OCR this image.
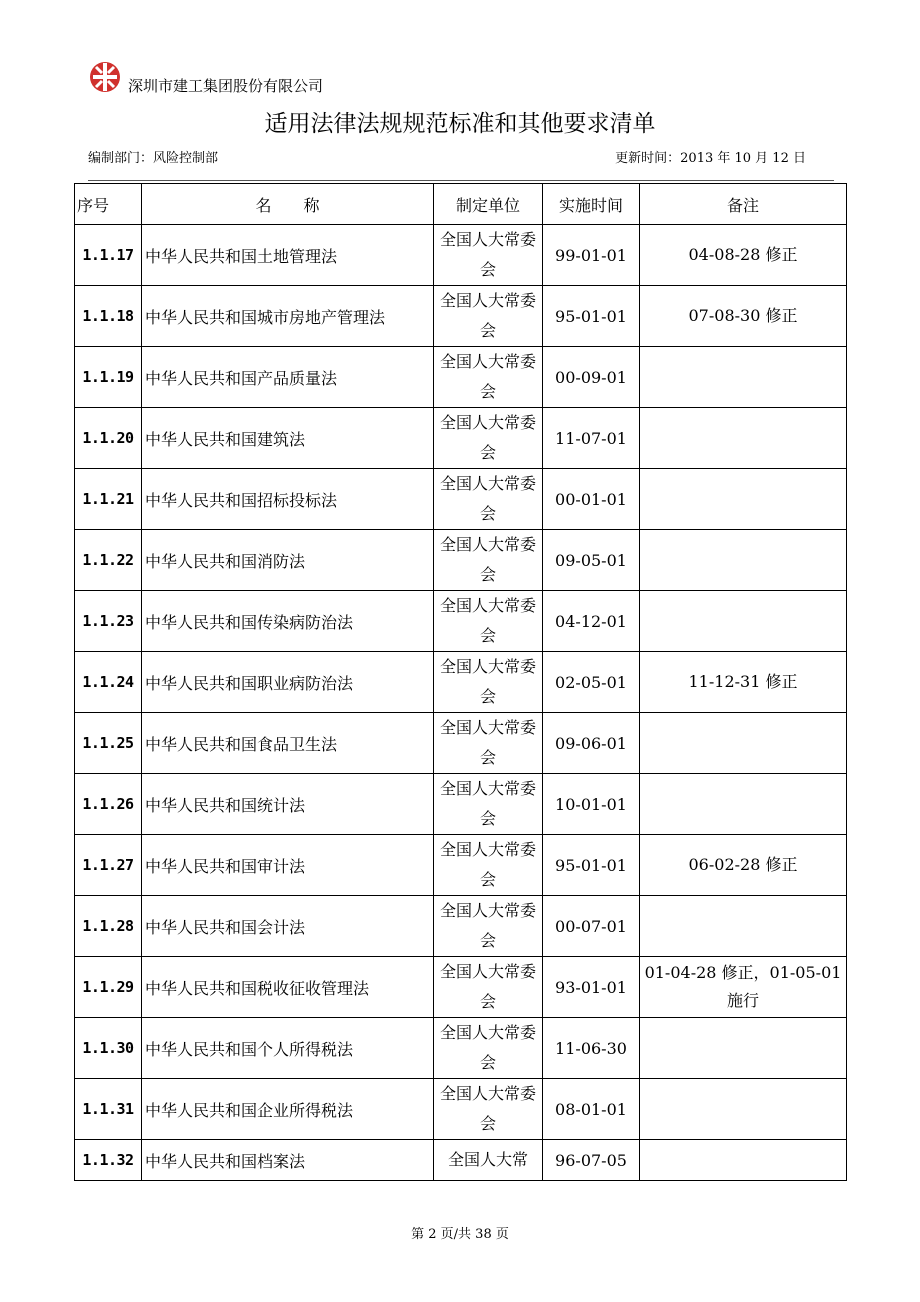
深圳市建工集团股份有限公司
适用法律法规规范标准和其他要求清单
编制部门：风险控制部	更新时间：2013 年 10 月 12 日
序号	名　　称	制定单位	实施时间	备注
1.1.17	中华人民共和国土地管理法	全国人大常委会	99-01-01	04-08-28 修正
1.1.18	中华人民共和国城市房地产管理法	全国人大常委会	95-01-01	07-08-30 修正
1.1.19	中华人民共和国产品质量法	全国人大常委会	00-09-01	
1.1.20	中华人民共和国建筑法	全国人大常委会	11-07-01	
1.1.21	中华人民共和国招标投标法	全国人大常委会	00-01-01	
1.1.22	中华人民共和国消防法	全国人大常委会	09-05-01	
1.1.23	中华人民共和国传染病防治法	全国人大常委会	04-12-01	
1.1.24	中华人民共和国职业病防治法	全国人大常委会	02-05-01	11-12-31 修正
1.1.25	中华人民共和国食品卫生法	全国人大常委会	09-06-01	
1.1.26	中华人民共和国统计法	全国人大常委会	10-01-01	
1.1.27	中华人民共和国审计法	全国人大常委会	95-01-01	06-02-28 修正
1.1.28	中华人民共和国会计法	全国人大常委会	00-07-01	
1.1.29	中华人民共和国税收征收管理法	全国人大常委会	93-01-01	01-04-28 修正，01-05-01 施行
1.1.30	中华人民共和国个人所得税法	全国人大常委会	11-06-30	
1.1.31	中华人民共和国企业所得税法	全国人大常委会	08-01-01	
1.1.32	中华人民共和国档案法	全国人大常	96-07-05	
第 2 页/共 38 页
